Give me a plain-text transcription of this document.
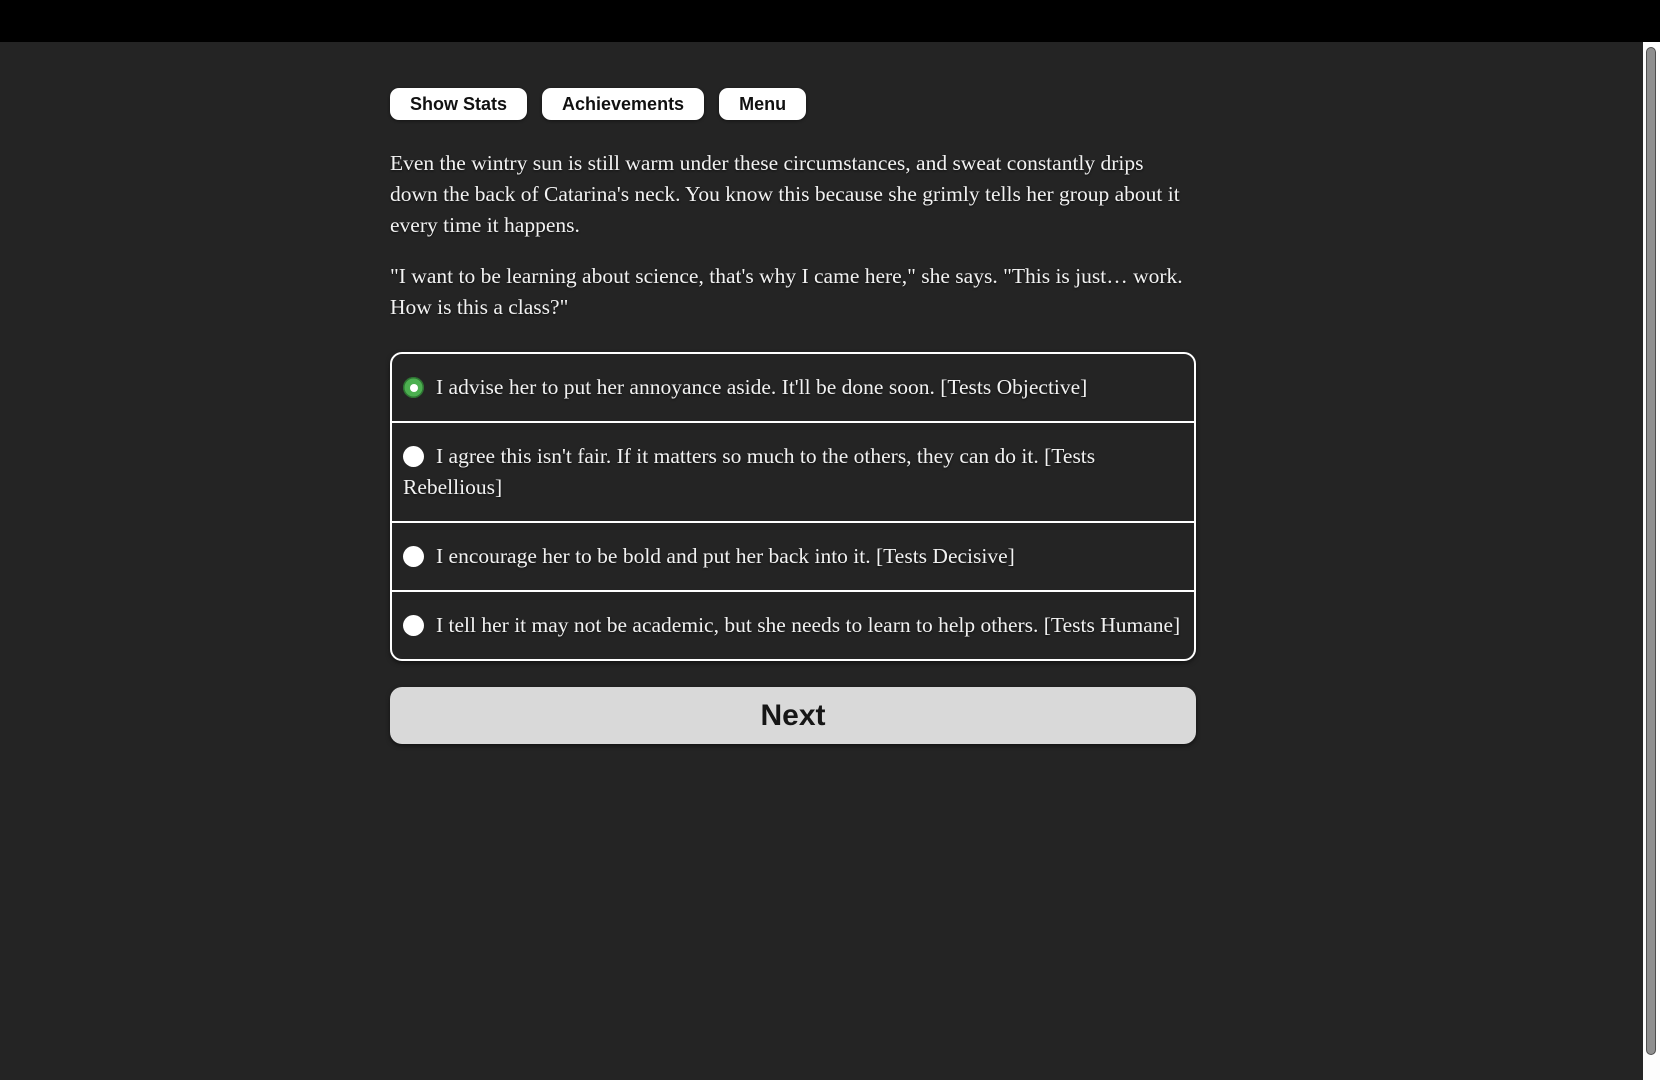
Show Stats	Achievements	Menu

Even the wintry sun is still warm under these circumstances, and sweat constantly drips down the back of Catarina's neck. You know this because she grimly tells her group about it every time it happens.

"I want to be learning about science, that's why I came here," she says. "This is just… work. How is this a class?"

I advise her to put her annoyance aside. It'll be done soon. [Tests Objective]
I agree this isn't fair. If it matters so much to the others, they can do it. [Tests Rebellious]
I encourage her to be bold and put her back into it. [Tests Decisive]
I tell her it may not be academic, but she needs to learn to help others. [Tests Humane]
Next
